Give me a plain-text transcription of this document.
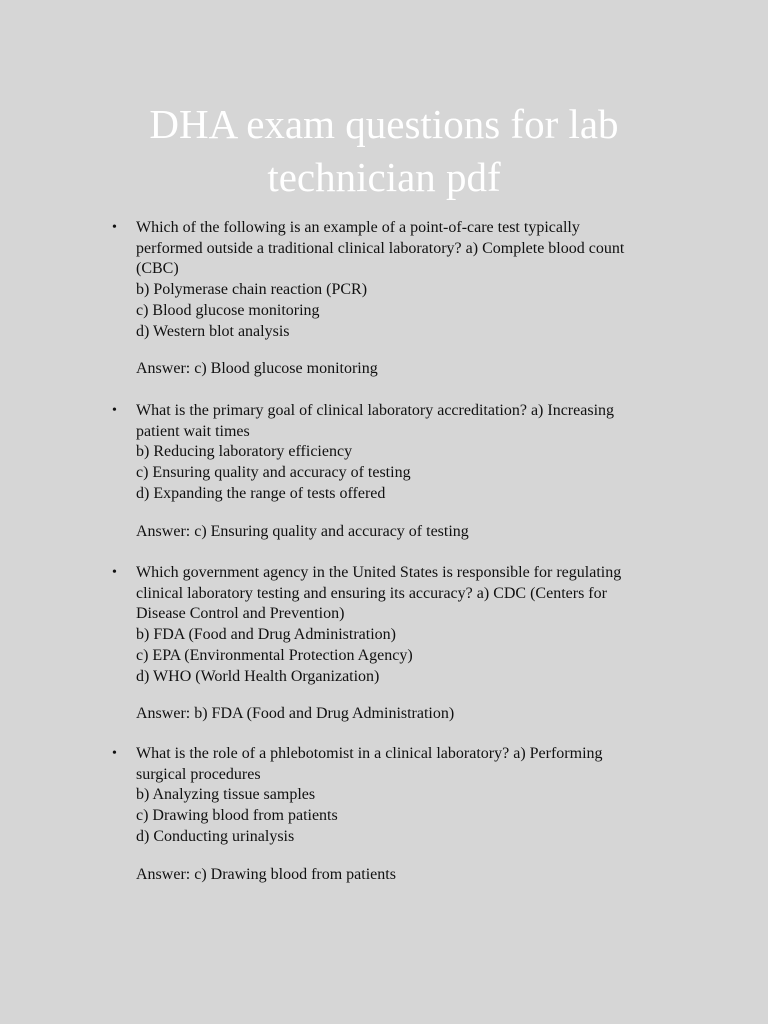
DHA exam questions for lab
technician pdf
• Which of the following is an example of a point-of-care test typically
performed outside a traditional clinical laboratory? a) Complete blood count
(CBC)
b) Polymerase chain reaction (PCR)
c) Blood glucose monitoring
d) Western blot analysis
Answer: c) Blood glucose monitoring
• What is the primary goal of clinical laboratory accreditation? a) Increasing
patient wait times
b) Reducing laboratory efficiency
c) Ensuring quality and accuracy of testing
d) Expanding the range of tests offered
Answer: c) Ensuring quality and accuracy of testing
• Which government agency in the United States is responsible for regulating
clinical laboratory testing and ensuring its accuracy? a) CDC (Centers for
Disease Control and Prevention)
b) FDA (Food and Drug Administration)
c) EPA (Environmental Protection Agency)
d) WHO (World Health Organization)
Answer: b) FDA (Food and Drug Administration)
• What is the role of a phlebotomist in a clinical laboratory? a) Performing
surgical procedures
b) Analyzing tissue samples
c) Drawing blood from patients
d) Conducting urinalysis
Answer: c) Drawing blood from patients
